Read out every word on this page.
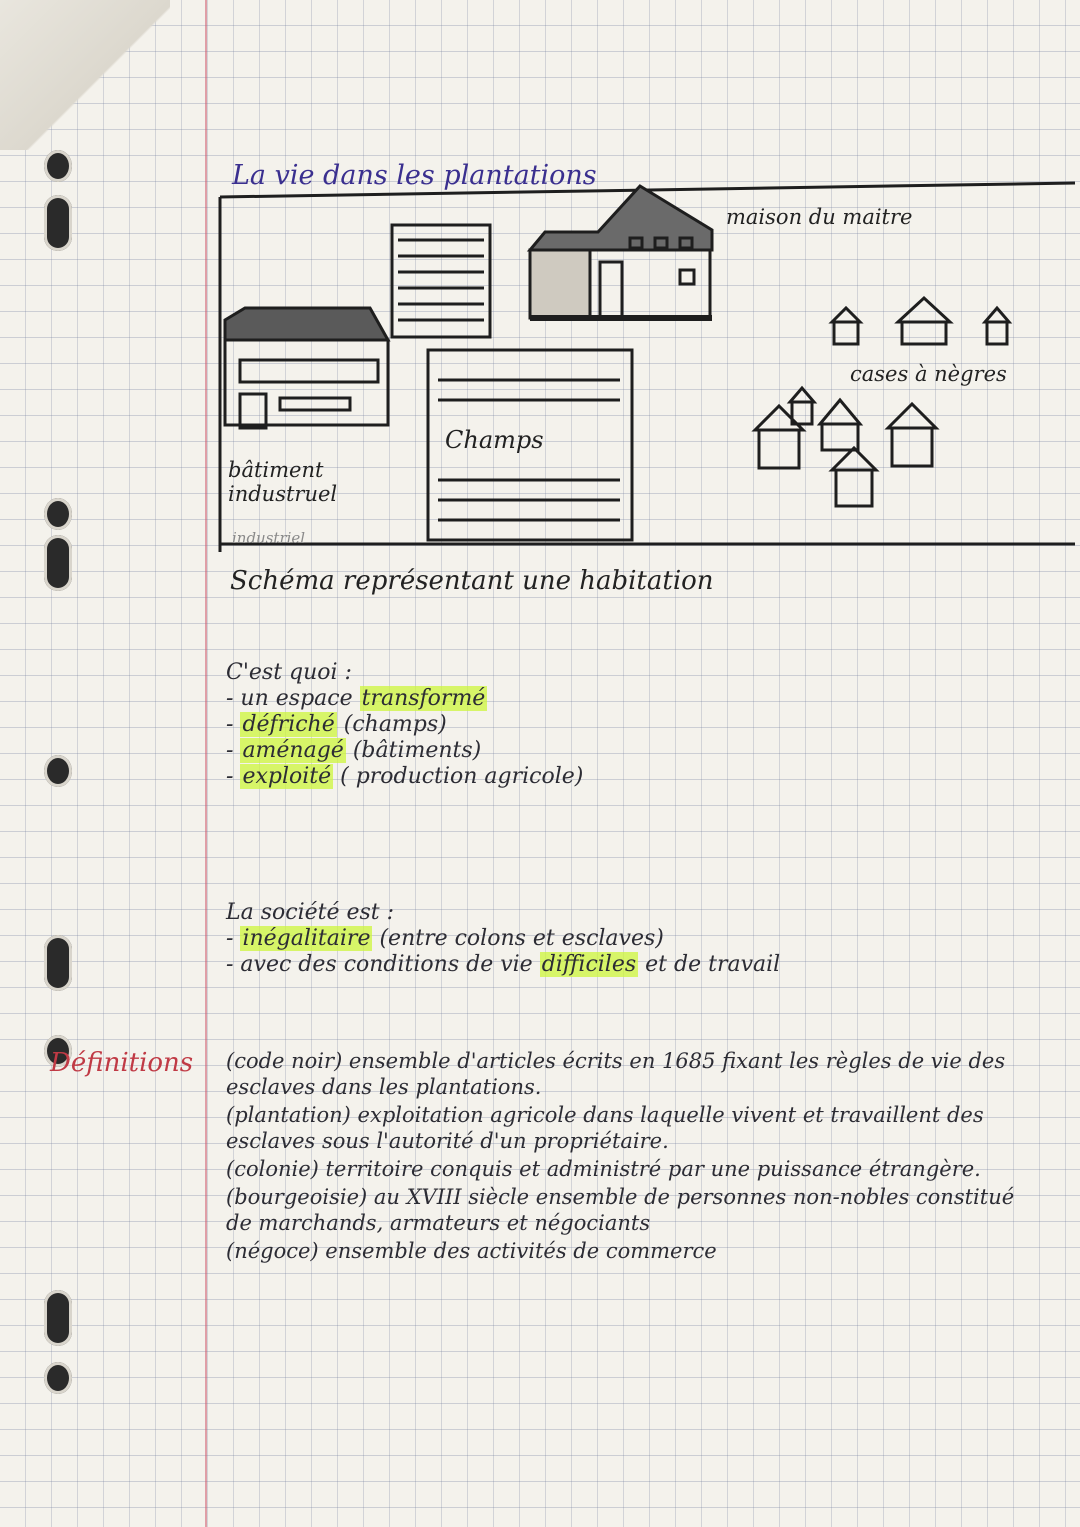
La vie dans les plantations
maison du maitre
cases à nègres
Champs
bâtiment industruel
industriel
Schéma représentant une habitation
C'est quoi :
- un espace transformé
- défriché (champs)
- aménagé (bâtiments)
- exploité ( production agricole)
La société est :
- inégalitaire (entre colons et esclaves)
- avec des conditions de vie difficiles et de travail
Définitions (code noir) ensemble d'articles écrits en 1685 fixant les règles de vie des esclaves dans les plantations.
(plantation) exploitation agricole dans laquelle vivent et travaillent des esclaves sous l'autorité d'un propriétaire.
(colonie) territoire conquis et administré par une puissance étrangère.
(bourgeoisie) au XVIII siècle ensemble de personnes non-nobles constitué de marchands, armateurs et négociants
(négoce) ensemble des activités de commerce
